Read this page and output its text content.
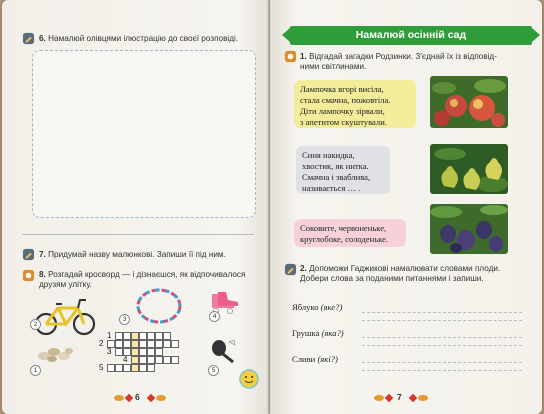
6. Намалюй олівцями ілюстрацію до своєї розповіді.
7. Придумай назву малюнкові. Запиши її під ним.
8. Розгадай кросворд — і дізнаєшся, як відпочивалося
друзям улітку.
2
3	4
1
2
3
4
5
1	5
6
Намалюй осінній сад
1. Відгадай загадки Родзинки. З'єднай їх із відповід-
ними світлинами.
Лампочка вгорі висіла,
стала смачна, пожовтіла.
Діти лампочку зірвали,
з апетитом скуштували.
Синя накидка,
хвостик, як нитка.
Смачна і зваблива,
називається … .
Соковите, червоненьке,
круглобоке, солоденьке.
2. Допоможи Гаджикові намалювати словами плоди.
Добери слова за поданими питаннями і запиши.
Яблуко (яке?)
Грушка (яка?)
Сливи (які?)
7
